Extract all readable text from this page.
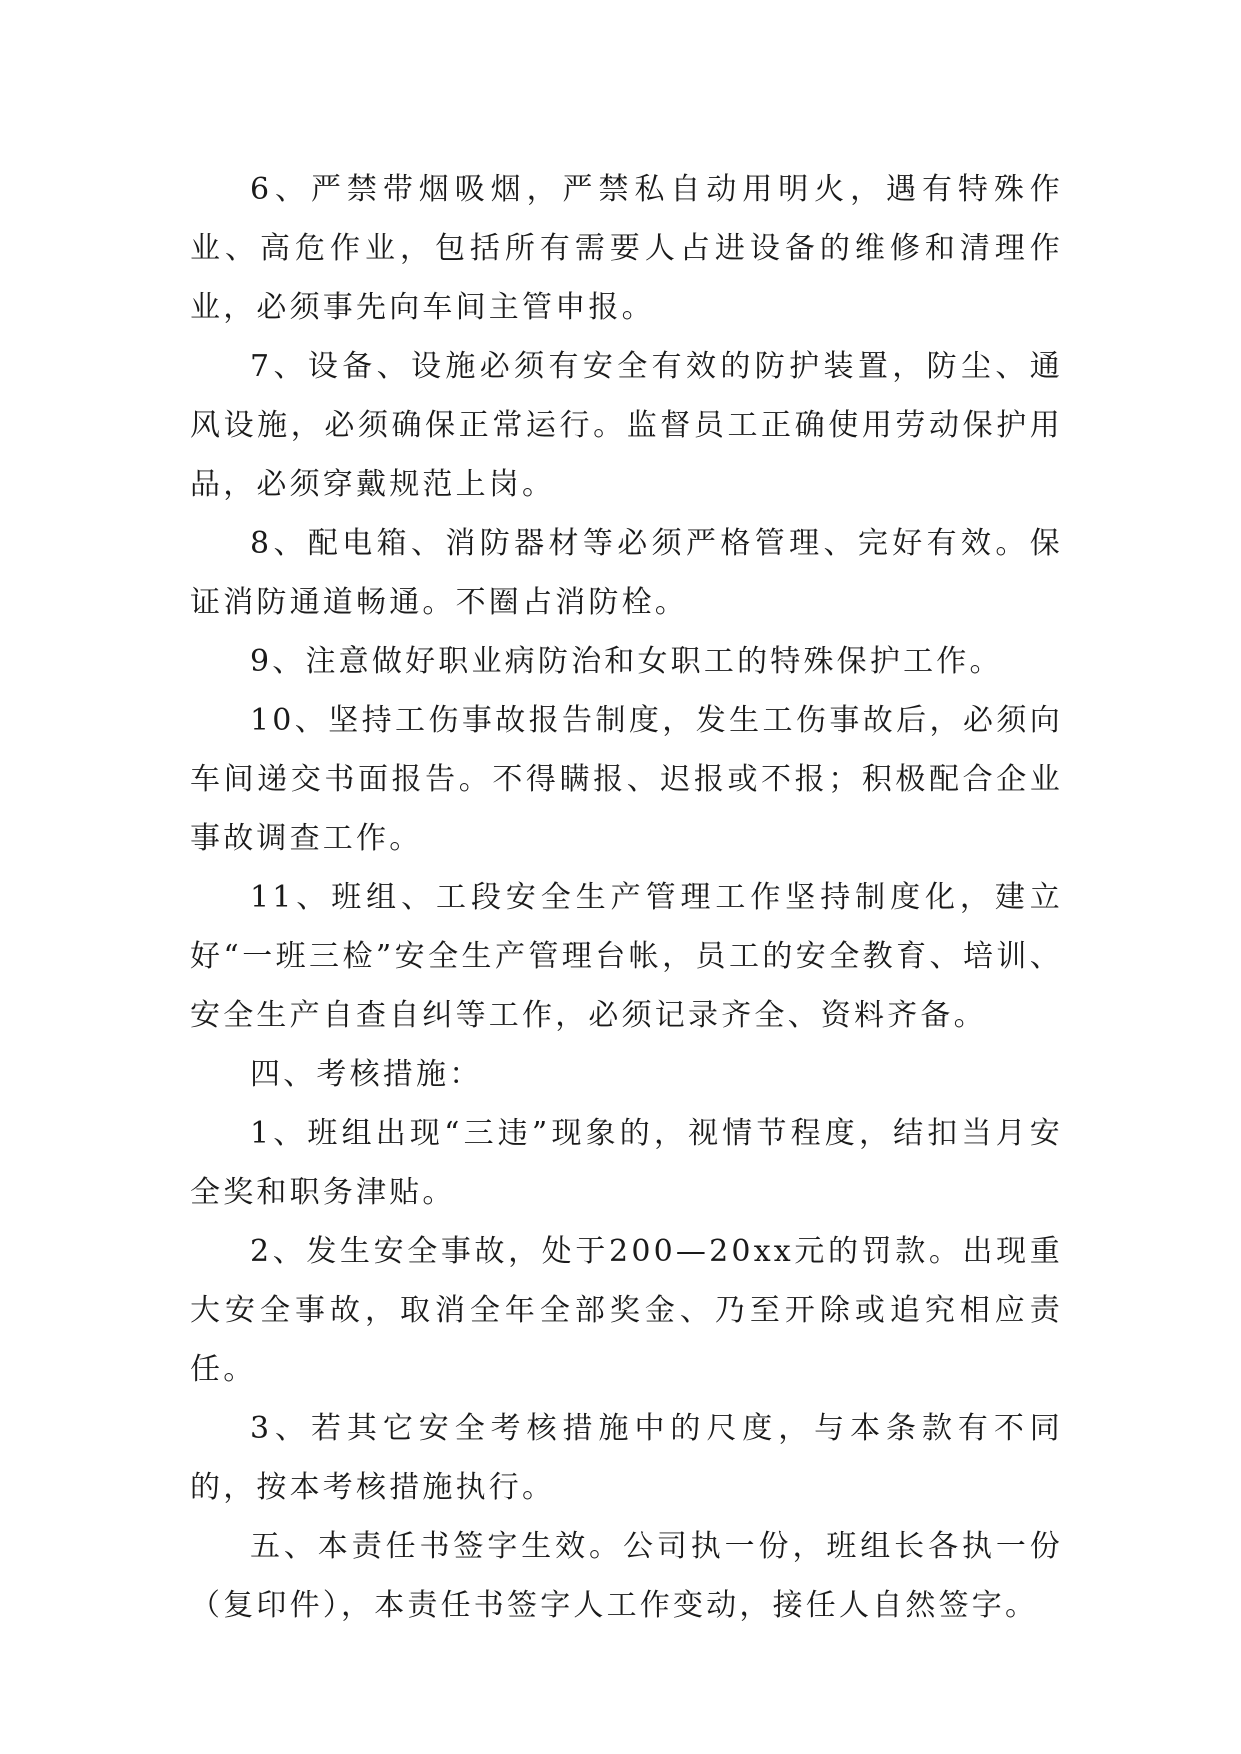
6、严禁带烟吸烟，严禁私自动用明火，遇有特殊作业、高危作业，包括所有需要人占进设备的维修和清理作业，必须事先向车间主管申报。

7、设备、设施必须有安全有效的防护装置，防尘、通风设施，必须确保正常运行。监督员工正确使用劳动保护用品，必须穿戴规范上岗。

8、配电箱、消防器材等必须严格管理、完好有效。保证消防通道畅通。不圈占消防栓。

9、注意做好职业病防治和女职工的特殊保护工作。

10、坚持工伤事故报告制度，发生工伤事故后，必须向车间递交书面报告。不得瞒报、迟报或不报；积极配合企业事故调查工作。

11、班组、工段安全生产管理工作坚持制度化，建立好“一班三检”安全生产管理台帐，员工的安全教育、培训、安全生产自查自纠等工作，必须记录齐全、资料齐备。

四、考核措施：

1、班组出现“三违”现象的，视情节程度，结扣当月安全奖和职务津贴。

2、发生安全事故，处于200—20xx元的罚款。出现重大安全事故，取消全年全部奖金、乃至开除或追究相应责任。

3、若其它安全考核措施中的尺度，与本条款有不同的，按本考核措施执行。

五、本责任书签字生效。公司执一份，班组长各执一份（复印件），本责任书签字人工作变动，接任人自然签字。
